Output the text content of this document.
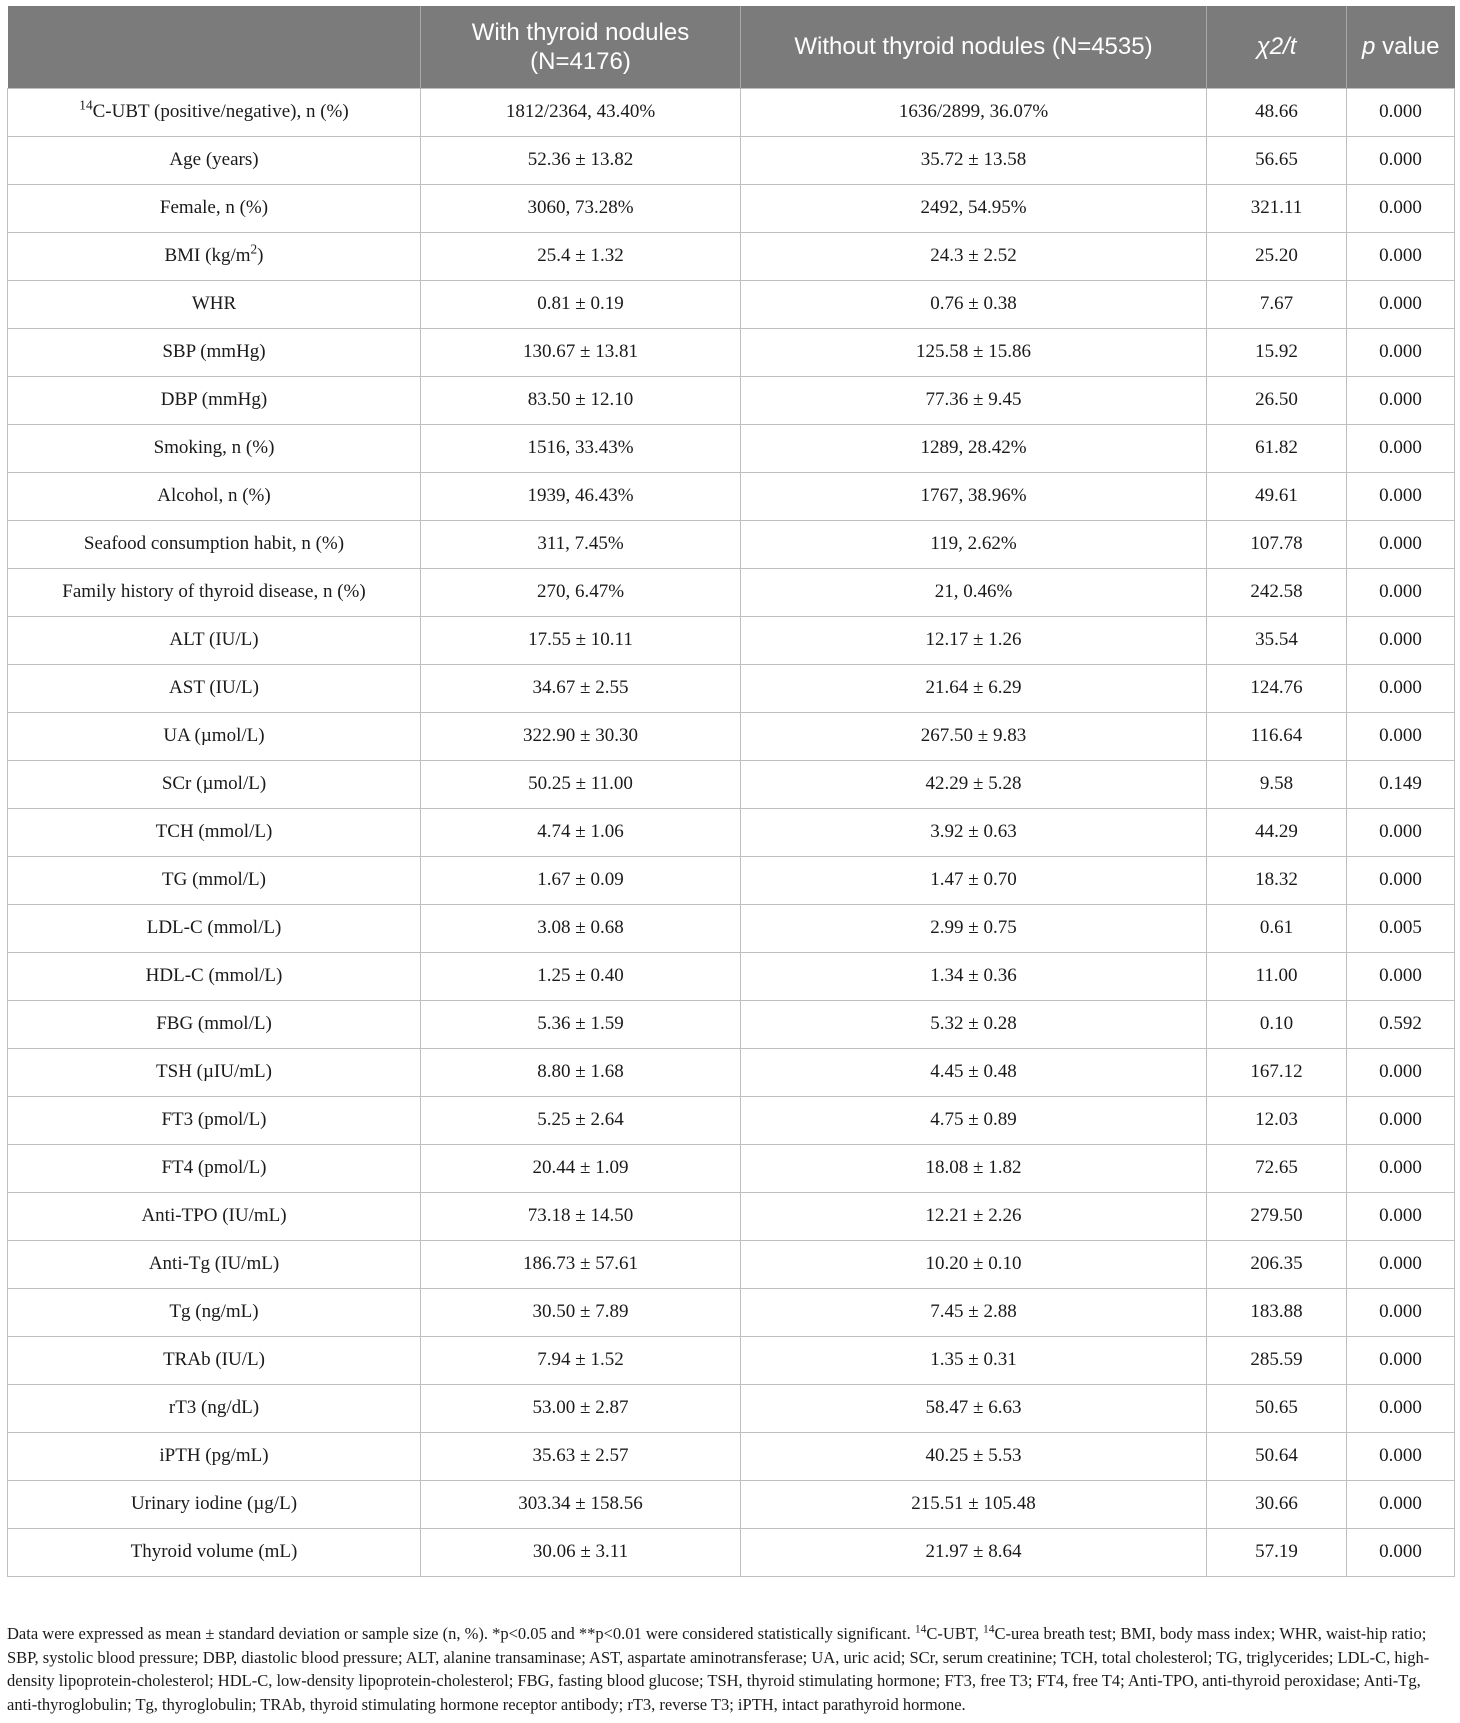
	With thyroid nodules (N=4176)	Without thyroid nodules (N=4535)	χ2/t	p value
$^{14}$C-UBT (positive/negative), n (%)	1812/2364, 43.40%	1636/2899, 36.07%	48.66	0.000
Age (years)	52.36 ± 13.82	35.72 ± 13.58	56.65	0.000
Female, n (%)	3060, 73.28%	2492, 54.95%	321.11	0.000
BMI $(kg/m^2)$	25.4 ± 1.32	24.3 ± 2.52	25.20	0.000
WHR	0.81 ± 0.19	0.76 ± 0.38	7.67	0.000
SBP (mmHg)	130.67 ± 13.81	125.58 ± 15.86	15.92	0.000
DBP (mmHg)	83.50 ± 12.10	77.36 ± 9.45	26.50	0.000
Smoking, n (%)	1516, 33.43%	1289, 28.42%	61.82	0.000
Alcohol, n (%)	1939, 46.43%	1767, 38.96%	49.61	0.000
Seafood consumption habit, n (%)	311, 7.45%	119, 2.62%	107.78	0.000
Family history of thyroid disease, n (%)	270, 6.47%	21, 0.46%	242.58	0.000
ALT (IU/L)	17.55 ± 10.11	12.17 ± 1.26	35.54	0.000
AST (IU/L)	34.67 ± 2.55	21.64 ± 6.29	124.76	0.000
UA (µmol/L)	322.90 ± 30.30	267.50 ± 9.83	116.64	0.000
SCr (µmol/L)	50.25 ± 11.00	42.29 ± 5.28	9.58	0.149
TCH (mmol/L)	4.74 ± 1.06	3.92 ± 0.63	44.29	0.000
TG (mmol/L)	1.67 ± 0.09	1.47 ± 0.70	18.32	0.000
LDL-C (mmol/L)	3.08 ± 0.68	2.99 ± 0.75	0.61	0.005
HDL-C (mmol/L)	1.25 ± 0.40	1.34 ± 0.36	11.00	0.000
FBG (mmol/L)	5.36 ± 1.59	5.32 ± 0.28	0.10	0.592
TSH (µIU/mL)	8.80 ± 1.68	4.45 ± 0.48	167.12	0.000
FT3 (pmol/L)	5.25 ± 2.64	4.75 ± 0.89	12.03	0.000
FT4 (pmol/L)	20.44 ± 1.09	18.08 ± 1.82	72.65	0.000
Anti-TPO (IU/mL)	73.18 ± 14.50	12.21 ± 2.26	279.50	0.000
Anti-Tg (IU/mL)	186.73 ± 57.61	10.20 ± 0.10	206.35	0.000
Tg (ng/mL)	30.50 ± 7.89	7.45 ± 2.88	183.88	0.000
TRAb (IU/L)	7.94 ± 1.52	1.35 ± 0.31	285.59	0.000
rT3 (ng/dL)	53.00 ± 2.87	58.47 ± 6.63	50.65	0.000
iPTH (pg/mL)	35.63 ± 2.57	40.25 ± 5.53	50.64	0.000
Urinary iodine (µg/L)	303.34 ± 158.56	215.51 ± 105.48	30.66	0.000
Thyroid volume (mL)	30.06 ± 3.11	21.97 ± 8.64	57.19	0.000
Data were expressed as mean ± standard deviation or sample size (n, %). *p<0.05 and **p<0.01 were considered statistically significant. $^{14}$C-UBT, $^{14}$C-urea breath test; BMI, body mass index; WHR, waist-hip ratio; SBP, systolic blood pressure; DBP, diastolic blood pressure; ALT, alanine transaminase; AST, aspartate aminotransferase; UA, uric acid; SCr, serum creatinine; TCH, total cholesterol; TG, triglycerides; LDL-C, high-density lipoprotein-cholesterol; HDL-C, low-density lipoprotein-cholesterol; FBG, fasting blood glucose; TSH, thyroid stimulating hormone; FT3, free T3; FT4, free T4; Anti-TPO, anti-thyroid peroxidase; Anti-Tg, anti-thyroglobulin; Tg, thyroglobulin; TRAb, thyroid stimulating hormone receptor antibody; rT3, reverse T3; iPTH, intact parathyroid hormone.
